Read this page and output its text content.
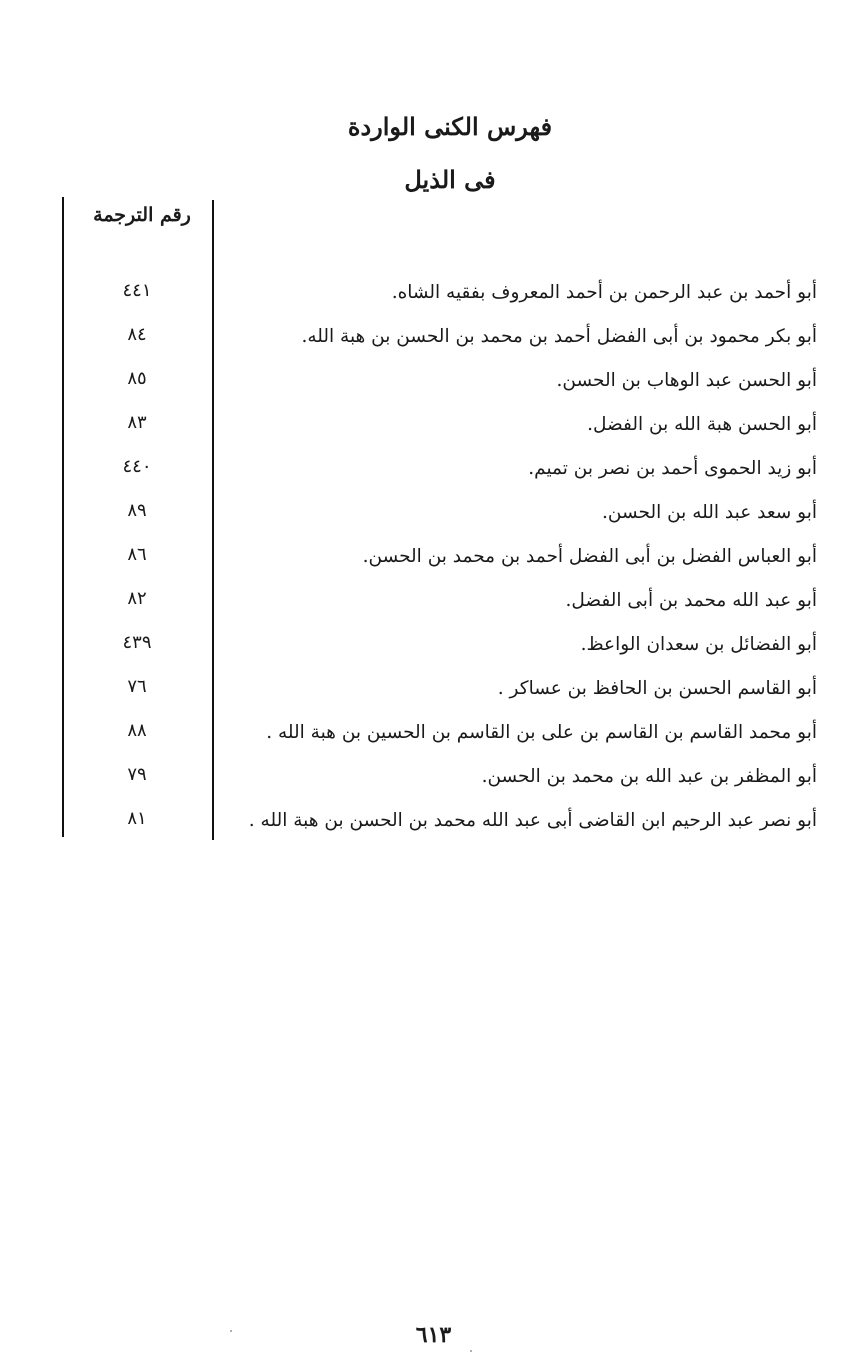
فهرس الكنى الواردة
فى الذيل
رقم الترجمة
أبو أحمد بن عبد الرحمن بن أحمد المعروف بفقيه الشاه.
٤٤١
أبو بكر محمود بن أبى الفضل أحمد بن محمد بن الحسن بن هبة الله.
٨٤
أبو الحسن عبد الوهاب بن الحسن.
٨٥
أبو الحسن هبة الله بن الفضل.
٨٣
أبو زيد الحموى أحمد بن نصر بن تميم.
٤٤٠
أبو سعد عبد الله بن الحسن.
٨٩
أبو العباس الفضل بن أبى الفضل أحمد بن محمد بن الحسن.
٨٦
أبو عبد الله محمد بن أبى الفضل.
٨٢
أبو الفضائل بن سعدان الواعظ.
٤٣٩
أبو القاسم الحسن بن الحافظ بن عساكر .
٧٦
أبو محمد القاسم بن القاسم بن على بن القاسم بن الحسين بن هبة الله .
٨٨
أبو المظفر بن عبد الله بن محمد بن الحسن.
٧٩
أبو نصر عبد الرحيم ابن القاضى أبى عبد الله محمد بن الحسن بن هبة الله .
٨١
٦١٣
